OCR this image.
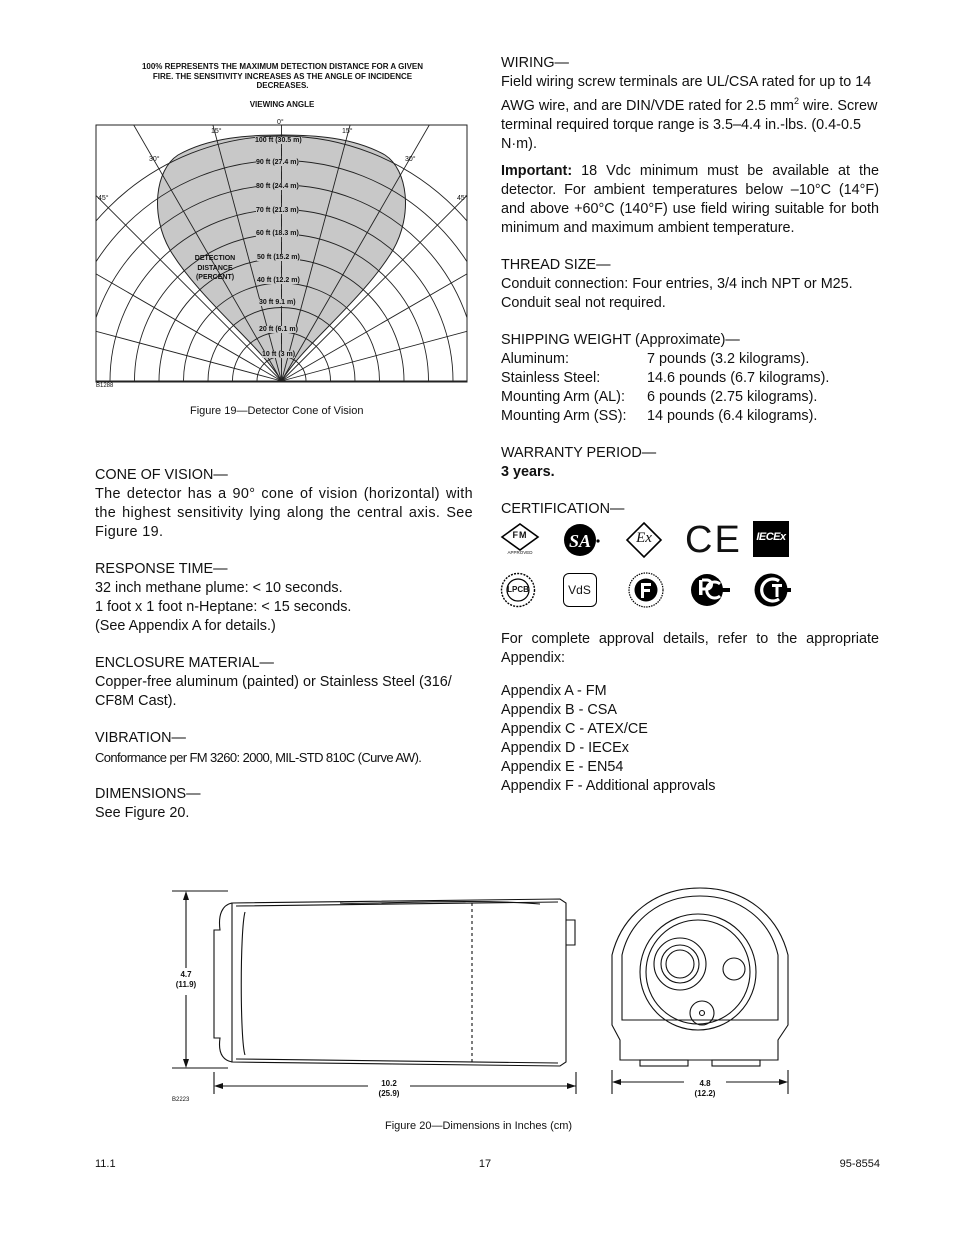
100% REPRESENTS THE MAXIMUM DETECTION DISTANCE FOR A GIVEN FIRE. THE SENSITIVITY INCREASES AS THE ANGLE OF INCIDENCE DECREASES.
VIEWING ANGLE
0°
15°	15°
30°	30°
45°	45°
100 ft (30.5 m)
90 ft (27.4 m)
80 ft (24.4 m)
70 ft (21.3 m)
60 ft (18.3 m)
50 ft (15.2 m)
40 ft (12.2 m)
30 ft 9.1 m)
20 ft (6.1 m)
10 ft (3 m)
DETECTION
DISTANCE
(PERCENT)
B1288
Figure 19—Detector Cone of Vision
CONE OF VISION—
The detector has a 90° cone of vision (horizontal) with the highest sensitivity lying along the central axis. See Figure 19.
RESPONSE TIME—
32 inch methane plume: < 10 seconds.
1 foot x 1 foot n-Heptane: < 15 seconds.
(See Appendix A for details.)
ENCLOSURE MATERIAL—
Copper-free aluminum (painted) or Stainless Steel (316/ CF8M Cast).
VIBRATION—
Conformance per FM 3260: 2000, MIL-STD 810C (Curve AW).
DIMENSIONS—
See Figure 20.
WIRING—
Field wiring screw terminals are UL/CSA rated for up to 14 AWG wire, and are DIN/VDE rated for 2.5 $mm^2$ wire. Screw terminal required torque range is 3.5–4.4 in.-lbs. (0.4-0.5 N·m).
Important: 18 Vdc minimum must be available at the detector. For ambient temperatures below –10°C (14°F) and above +60°C (140°F) use field wiring suitable for both minimum and maximum ambient temperature.
THREAD SIZE—
Conduit connection: Four entries, 3/4 inch NPT or M25. Conduit seal not required.
SHIPPING WEIGHT (Approximate)—
Aluminum:	7 pounds (3.2 kilograms).
Stainless Steel:	14.6 pounds (6.7 kilograms).
Mounting Arm (AL):	6 pounds (2.75 kilograms).
Mounting Arm (SS):	14 pounds (6.4 kilograms).
WARRANTY PERIOD—
3 years.
CERTIFICATION—
FM
APPROVED
SA	Ex CE	IECEx
LPCB	VdS
For complete approval details, refer to the appropriate Appendix:
Appendix A - FM
Appendix B - CSA
Appendix C - ATEX/CE
Appendix D - IECEx
Appendix E - EN54
Appendix F - Additional approvals
4.7
(11.9)
10.2
(25.9)
4.8
(12.2)
B2223
Figure 20—Dimensions in Inches (cm)
11.1	17	95-8554
